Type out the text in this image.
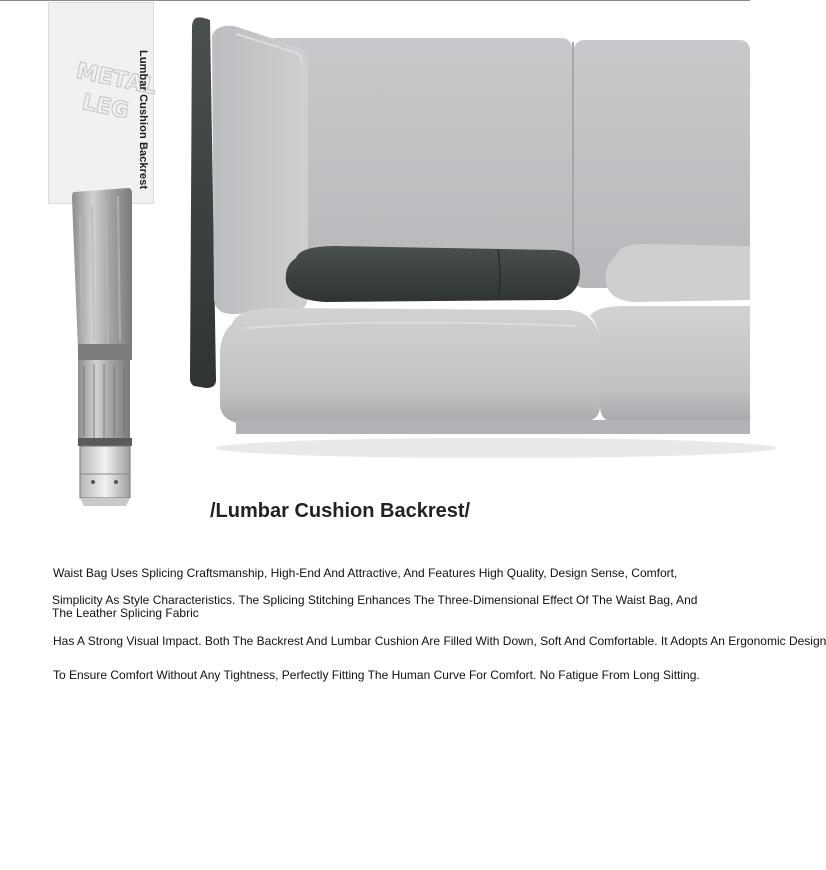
METAL
LEG Lumbar Cushion Backrest
/Lumbar Cushion Backrest/
Waist Bag Uses Splicing Craftsmanship, High-End And Attractive, And Features High Quality, Design Sense, Comfort,
Simplicity As Style Characteristics. The Splicing Stitching Enhances The Three-Dimensional Effect Of The Waist Bag, And The Leather Splicing Fabric
Has A Strong Visual Impact. Both The Backrest And Lumbar Cushion Are Filled With Down, Soft And Comfortable. It Adopts An Ergonomic Design
To Ensure Comfort Without Any Tightness, Perfectly Fitting The Human Curve For Comfort. No Fatigue From Long Sitting.
